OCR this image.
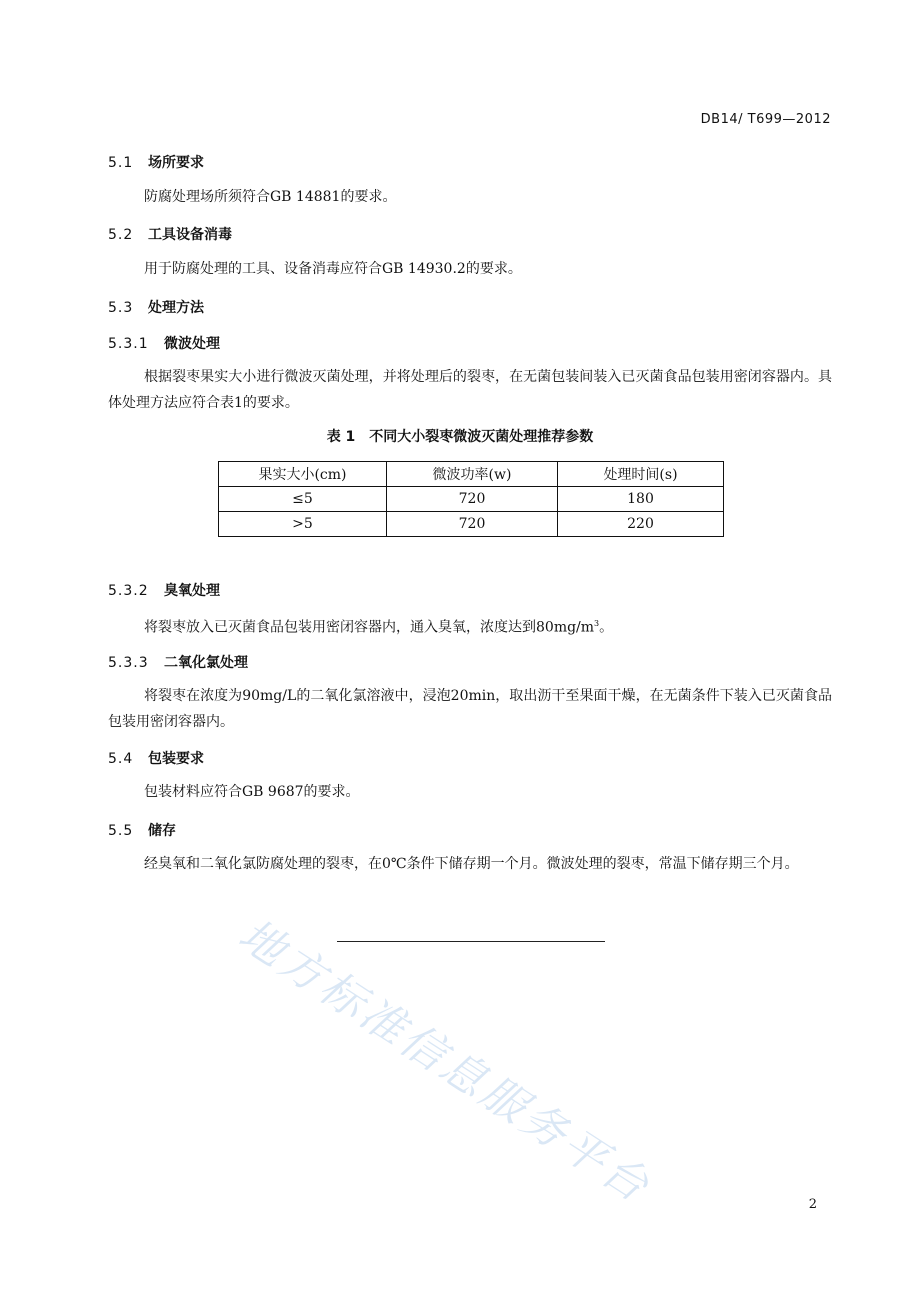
DB14/ T699—2012
5.1 场所要求
防腐处理场所须符合GB 14881的要求。
5.2 工具设备消毒
用于防腐处理的工具、设备消毒应符合GB 14930.2的要求。
5.3 处理方法
5.3.1 微波处理
根据裂枣果实大小进行微波灭菌处理，并将处理后的裂枣，在无菌包装间装入已灭菌食品包装用密闭容器内。具体处理方法应符合表1的要求。
表 1　不同大小裂枣微波灭菌处理推荐参数
果实大小(cm)	微波功率(w)	处理时间(s)
≤5	720	180
>5	720	220
5.3.2 臭氧处理
将裂枣放入已灭菌食品包装用密闭容器内，通入臭氧，浓度达到$80mg/m^3$。
5.3.3 二氧化氯处理
将裂枣在浓度为90mg/L的二氧化氯溶液中，浸泡20min，取出沥干至果面干燥，在无菌条件下装入已灭菌食品包装用密闭容器内。
5.4 包装要求
包装材料应符合GB 9687的要求。
5.5 储存
经臭氧和二氧化氯防腐处理的裂枣，在0℃条件下储存期一个月。微波处理的裂枣，常温下储存期三个月。
地方标准信息服务平台	2
